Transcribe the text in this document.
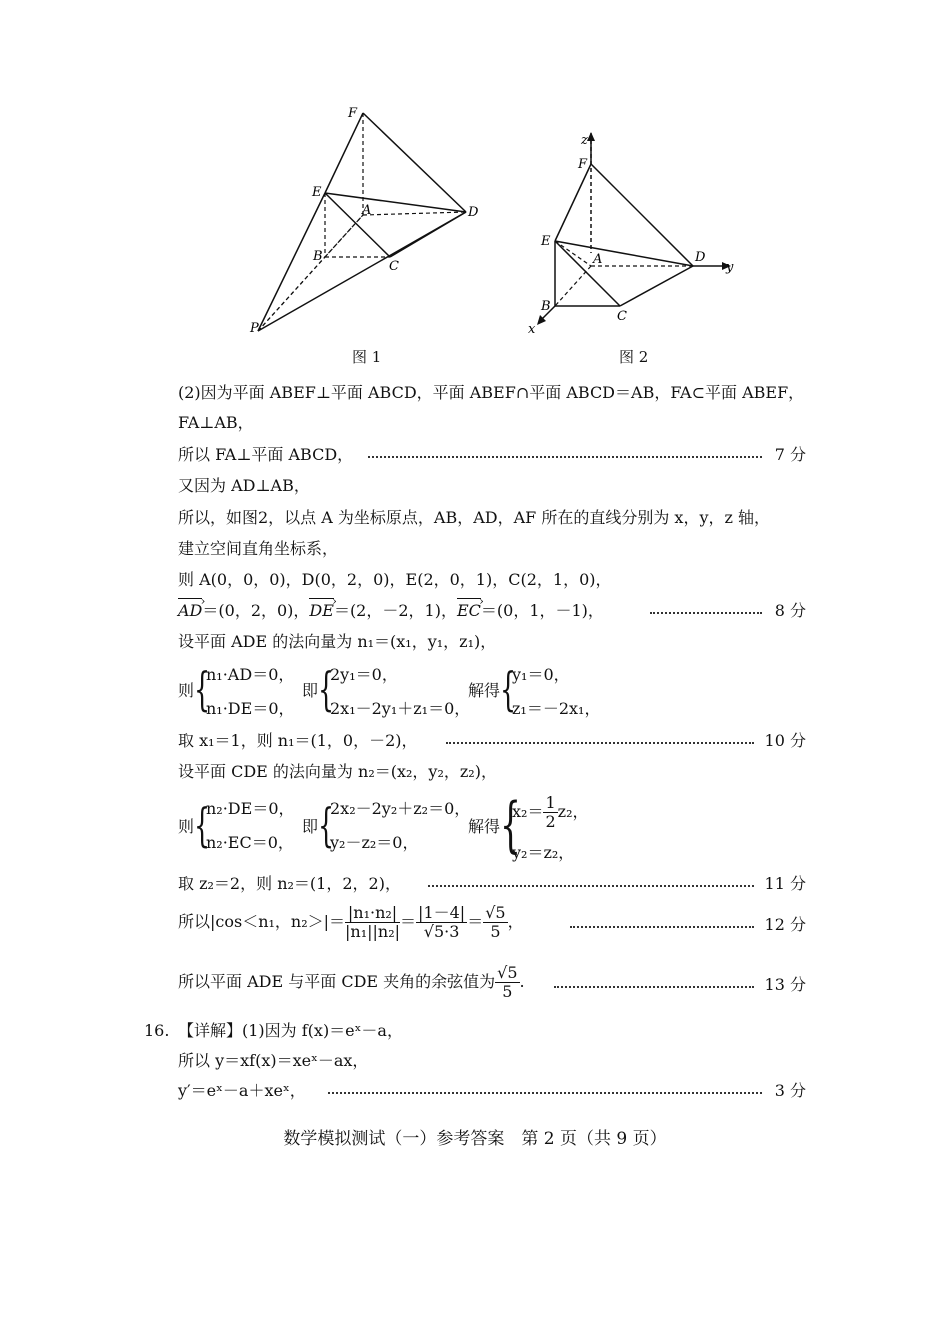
F
E
A	D
B
C
P
图 1
z
F
E
A	D
y
B
C
x
图 2
(2)因为平面 ABEF⊥平面 ABCD，平面 ABEF∩平面 ABCD＝AB，FA⊂平面 ABEF，
FA⊥AB，
所以 FA⊥平面 ABCD，	7 分
又因为 AD⊥AB，
所以，如图2，以点 A 为坐标原点，AB，AD，AF 所在的直线分别为 x，y，z 轴，
建立空间直角坐标系，
则 A(0，0，0)，D(0，2，0)，E(2，0，1)，C(2，1，0)，
AD ›＝(0，2，0)，DE ›＝(2，－2，1)，EC ›＝(0，1，－1)，	8 分
设平面 ADE 的法向量为 n₁＝(x₁，y₁，z₁)，
则 {
n₁·AD＝0，
n₁·DE＝0，
即 {
2y₁＝0，
2x₁－2y₁＋z₁＝0，
解得 {
y₁＝0，
z₁＝－2x₁，
取 x₁＝1，则 n₁＝(1，0，－2)，	10 分
设平面 CDE 的法向量为 n₂＝(x₂，y₂，z₂)，
则 {
n₂·DE＝0，
n₂·EC＝0，
即 {
2x₂－2y₂＋z₂＝0，
y₂－z₂＝0，
解得 {
$x_2= \frac{1}{2} z_2$，
y₂＝z₂，
取 z₂＝2，则 n₂＝(1，2，2)，	11 分
所以|cos＜n₁，$n_2>|= \frac{\text{|n₁·n₂|}}{\text{|n₁||n₂|}} = \frac{|1-4|}{√5\cdot 3} = \frac{√5}{5}$ ，	12 分
所以平面 ADE 与平面 CDE 夹角的余弦值为 $\frac{√5}{5}$ .	13 分
16. 【详解】(1)因为 f(x)＝eˣ－a，
所以 y＝xf(x)＝xeˣ－ax，
y′＝eˣ－a＋xeˣ，	3 分
数学模拟测试（一）参考答案　第 2 页（共 9 页）
